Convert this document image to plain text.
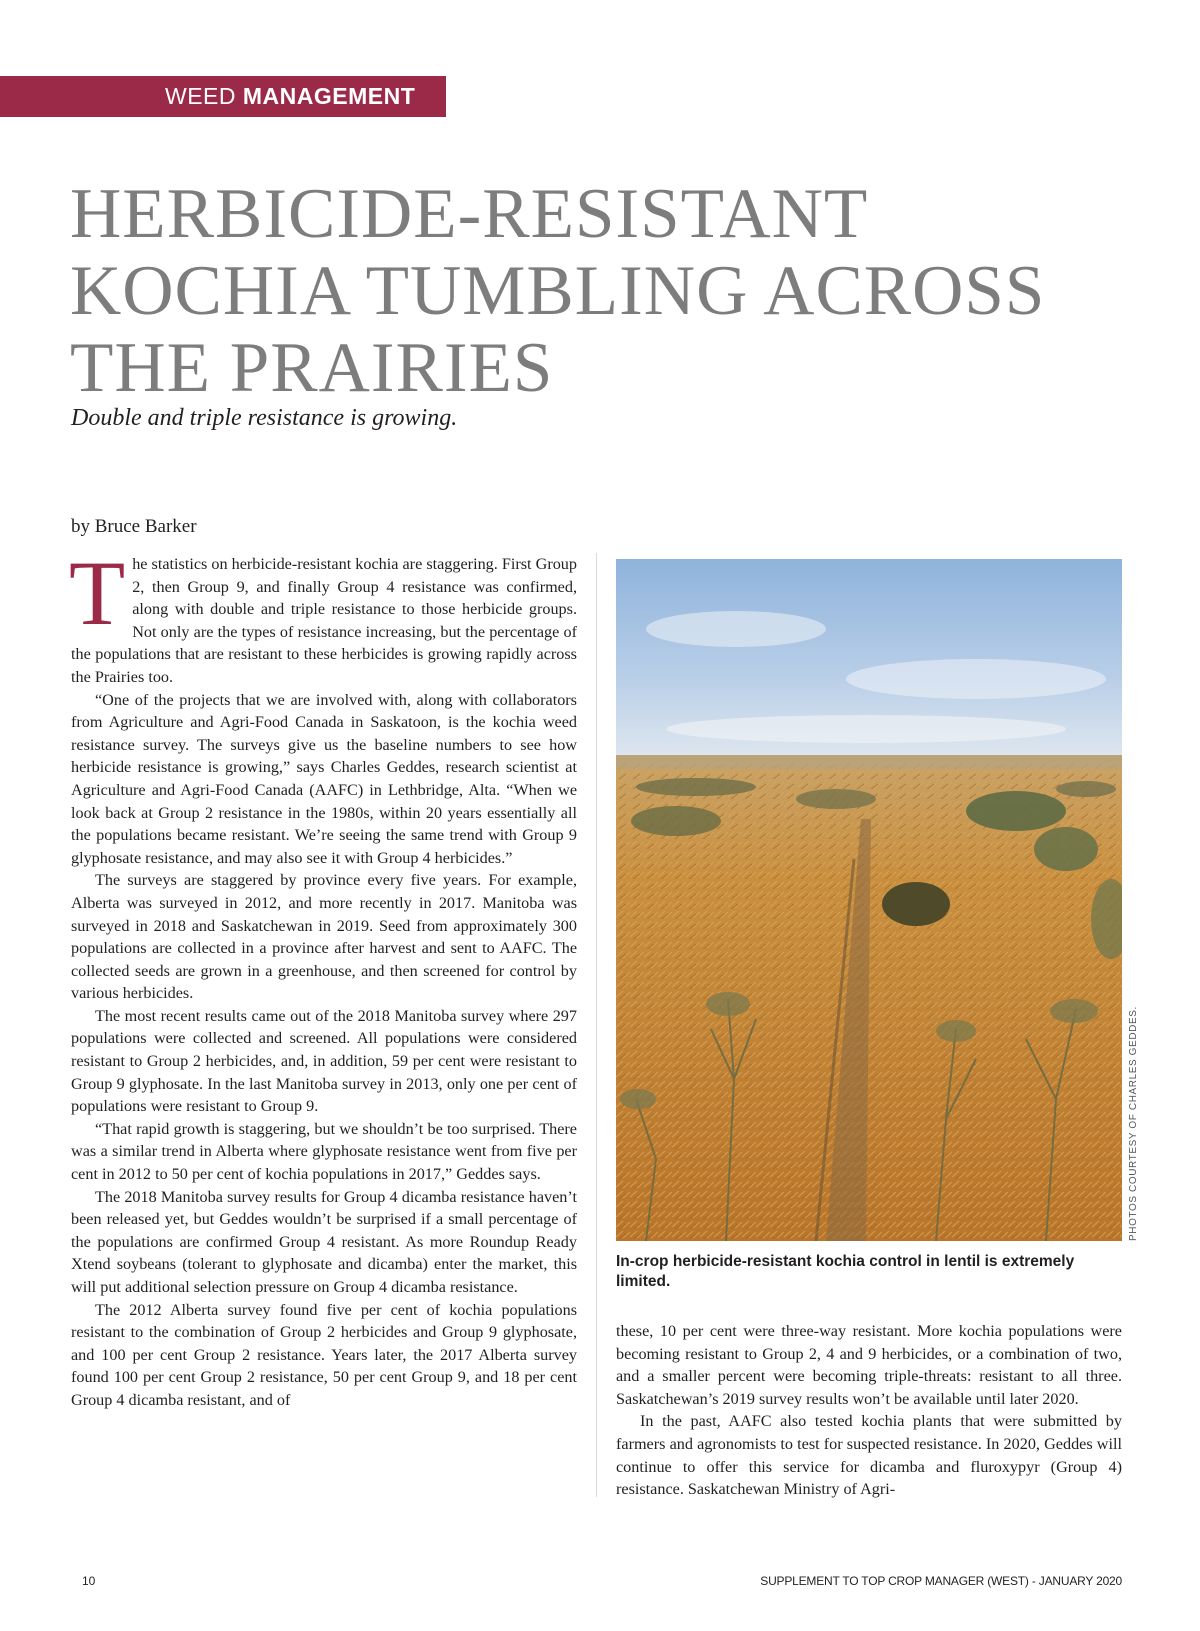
WEED MANAGEMENT
HERBICIDE-RESISTANT
KOCHIA TUMBLING ACROSS
THE PRAIRIES

Double and triple resistance is growing.

by Bruce Barker

T he statistics on herbicide-resistant kochia are staggering. First Group 2, then Group 9, and finally Group 4 resistance was confirmed, along with double and triple resistance to those herbicide groups. Not only are the types of resistance increasing, but the percentage of the populations that are resistant to these herbicides is growing rapidly across the Prairies too.

“One of the projects that we are involved with, along with collaborators from Agriculture and Agri-Food Canada in Saskatoon, is the kochia weed resistance survey. The surveys give us the baseline numbers to see how herbicide resistance is growing,” says Charles Geddes, research scientist at Agriculture and Agri-Food Canada (AAFC) in Lethbridge, Alta. “When we look back at Group 2 resistance in the 1980s, within 20 years essentially all the populations became resistant. We’re seeing the same trend with Group 9 glyphosate resistance, and may also see it with Group 4 herbicides.”

The surveys are staggered by province every five years. For example, Alberta was surveyed in 2012, and more recently in 2017. Manitoba was surveyed in 2018 and Saskatchewan in 2019. Seed from approximately 300 populations are collected in a province after harvest and sent to AAFC. The collected seeds are grown in a greenhouse, and then screened for control by various herbicides.

The most recent results came out of the 2018 Manitoba survey where 297 populations were collected and screened. All populations were considered resistant to Group 2 herbicides, and, in addition, 59 per cent were resistant to Group 9 glyphosate. In the last Manitoba survey in 2013, only one per cent of populations were resistant to Group 9.

“That rapid growth is staggering, but we shouldn’t be too surprised. There was a similar trend in Alberta where glyphosate resistance went from five per cent in 2012 to 50 per cent of kochia populations in 2017,” Geddes says.

The 2018 Manitoba survey results for Group 4 dicamba resistance haven’t been released yet, but Geddes wouldn’t be surprised if a small percentage of the populations are confirmed Group 4 resistant. As more Roundup Ready Xtend soybeans (tolerant to glyphosate and dicamba) enter the market, this will put additional selection pressure on Group 4 dicamba resistance.

The 2012 Alberta survey found five per cent of kochia populations resistant to the combination of Group 2 herbicides and Group 9 glyphosate, and 100 per cent Group 2 resistance. Years later, the 2017 Alberta survey found 100 per cent Group 2 resistance, 50 per cent Group 9, and 18 per cent Group 4 dicamba resistant, and of

PHOTOS COURTESY OF CHARLES GEDDES.

In-crop herbicide-resistant kochia control in lentil is extremely limited.

these, 10 per cent were three-way resistant. More kochia populations were becoming resistant to Group 2, 4 and 9 herbicides, or a combination of two, and a smaller percent were becoming triple-threats: resistant to all three. Saskatchewan’s 2019 survey results won’t be available until later 2020.

In the past, AAFC also tested kochia plants that were submitted by farmers and agronomists to test for suspected resistance. In 2020, Geddes will continue to offer this service for dicamba and fluroxypyr (Group 4) resistance. Saskatchewan Ministry of Agri-

10	SUPPLEMENT TO TOP CROP MANAGER (WEST) - JANUARY 2020
